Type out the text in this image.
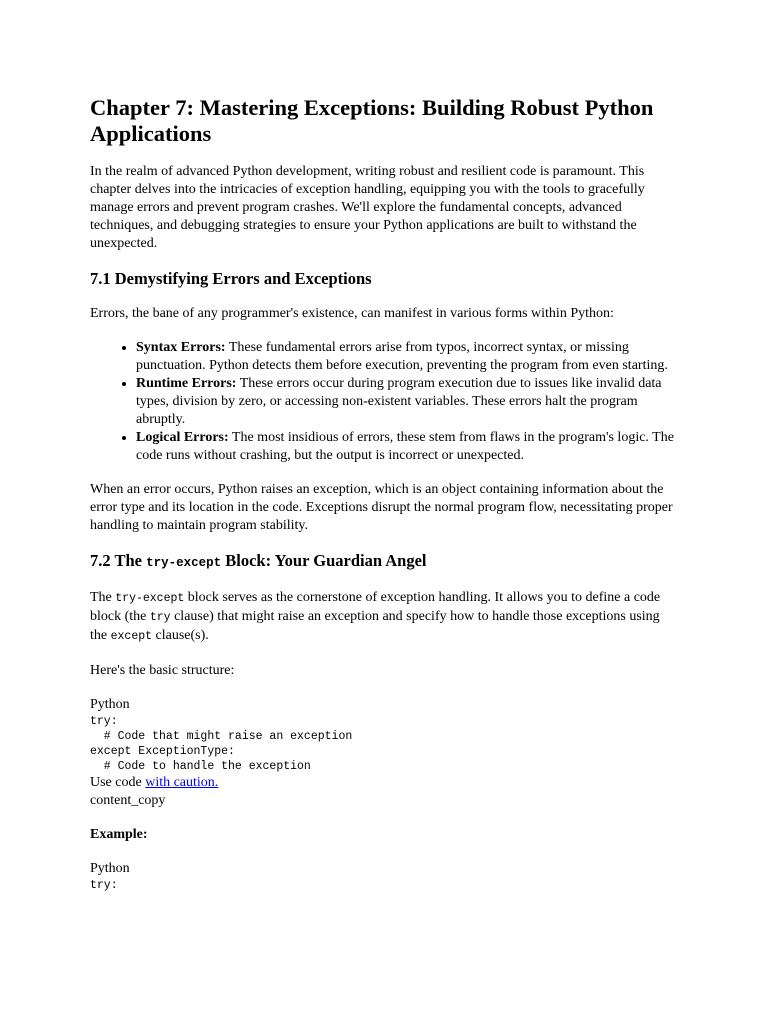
Chapter 7: Mastering Exceptions: Building Robust Python Applications

In the realm of advanced Python development, writing robust and resilient code is paramount. This chapter delves into the intricacies of exception handling, equipping you with the tools to gracefully manage errors and prevent program crashes. We'll explore the fundamental concepts, advanced techniques, and debugging strategies to ensure your Python applications are built to withstand the unexpected.

7.1 Demystifying Errors and Exceptions

Errors, the bane of any programmer's existence, can manifest in various forms within Python:

• Syntax Errors: These fundamental errors arise from typos, incorrect syntax, or missing punctuation. Python detects them before execution, preventing the program from even starting.
• Runtime Errors: These errors occur during program execution due to issues like invalid data types, division by zero, or accessing non-existent variables. These errors halt the program abruptly.
• Logical Errors: The most insidious of errors, these stem from flaws in the program's logic. The code runs without crashing, but the output is incorrect or unexpected.

When an error occurs, Python raises an exception, which is an object containing information about the error type and its location in the code. Exceptions disrupt the normal program flow, necessitating proper handling to maintain program stability.

7.2 The try-except Block: Your Guardian Angel

The try-except block serves as the cornerstone of exception handling. It allows you to define a code block (the try clause) that might raise an exception and specify how to handle those exceptions using the except clause(s).

Here's the basic structure:

Python
try:
# Code that might raise an exception
except ExceptionType:
# Code to handle the exception
Use code with caution.
content_copy
Example:
Python
try:
